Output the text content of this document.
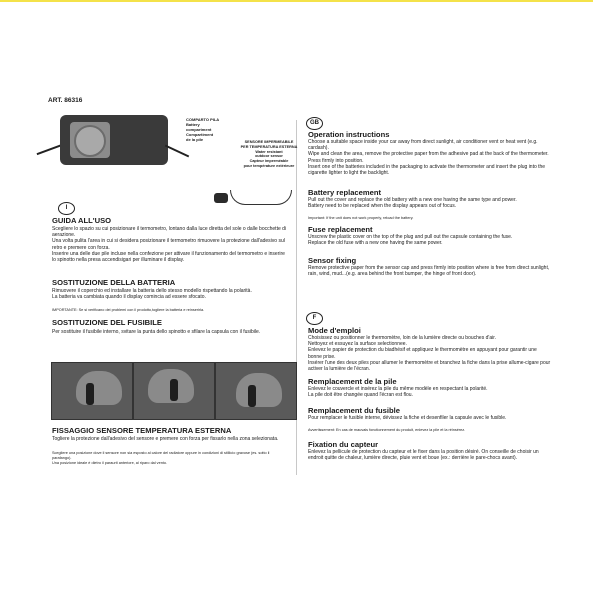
ART. 86316
COMPARTO PILA
Battery
compartment
Compartiment
de la pile	SENSORE IMPERMEABILE
PER TEMPERATURA ESTERNA
Water resistant
outdoor sensor
Capteur imperméable
pour température extérieure
I
GUIDA ALL'USO
Scegliere lo spazio su cui posizionare il termometro, lontano dalla luce diretta del sole o dalle bocchette di aerazione.
Una volta pulita l'area in cui si desidera posizionare il termometro rimuovere la protezione dall'adesivo sul retro e premere con forza.
Inserire una delle due pile incluse nella confezione per attivare il funzionamento del termometro e inserire lo spinotto nella presa accendisigari per illuminare il display.
SOSTITUZIONE DELLA BATTERIA
Rimuovere il coperchio ed installare la batteria dello stesso modello rispettando la polarità.
La batteria va cambiata quando il display comincia ad essere sfocato.
IMPORTANTE: Se si verificano dei problemi con il prodotto,togliere la batteria e reinserirla.
SOSTITUZIONE DEL FUSIBILE
Per sostituire il fusibile interno, svitare la punta dello spinotto e sfilare la capsula con il fusibile.
FISSAGGIO SENSORE TEMPERATURA ESTERNA
Togliere la protezione dall'adesivo del sensore e premere con forza per fissarlo nella zona selezionata.
Scegliere una posizione dove il sensore non sia esposto al calore del radiatore oppure in condizioni di stillicìo gravose (es. sotto il parafango).
Una posizione ideale è dietro il paraurti anteriore, al riparo dal vento.
GB
Operation instructions
Choose a suitable space inside your car away from direct sunlight, air conditioner vent or heat vent (e.g. cardash).
Wipe and clean the area, remove the protective paper from the adhesive pad at the back of the thermometer.
Press firmly into position.
Insert one of the batteries included in the packaging to activate the thermometer and insert the plug into the cigarette lighter to light the backlight.
Battery replacement
Pull out the cover and replace the old battery with a new one having the same type and power.
Battery need to be replaced when the display appears out of focus.
Important: If the unit does not work properly, reload the battery.
Fuse replacement
Unscrew the plastic cover on the top of the plug and pull out the capsule containing the fuse.
Replace the old fuse with a new one having the same power.
Sensor fixing
Remove protective paper from the sensor cap and press firmly into position where is free from direct sunlight, rain, wind, mud...(e.g. area behind the front bumper, the hinge of front door).
F
Mode d'emploi
Choisissez ou positionner le thermomètre, loin de la lumière directe ou bouches d'air.
Nettoyez et essuyez la surface selectionnee.
Enlevez le papier de protection du biadhésif et appliquez le thermomètre en appuyant pour garantir une bonne prise.
Insérer l'une des deux piles pour allumer le thermomètre et branchez la fiche dans la prise allume-cigare pour activer la lumière de l'écran.
Remplacement de la pile
Enlevez le couvercle et insérez la pile du même modèle en respectant la polarité.
La pile doit être changée quand l'écran est flou.
Remplacement du fusible
Pour remplacer le fusible interne, dévissez la fiche et desenfiler la capsule avec le fusible.
Avvertissement: En cas de mauvais fonctionnement du produit, enlevez la pile et la réinsérez.
Fixation du capteur
Enlevez la pellicule de protection du capteur et le fixer dans la position désiré. On conseille de choisir un endroit quitte de chaleur, lumière directe, pluie vent et boue (ex.: derrière le pare-chocs avant).
